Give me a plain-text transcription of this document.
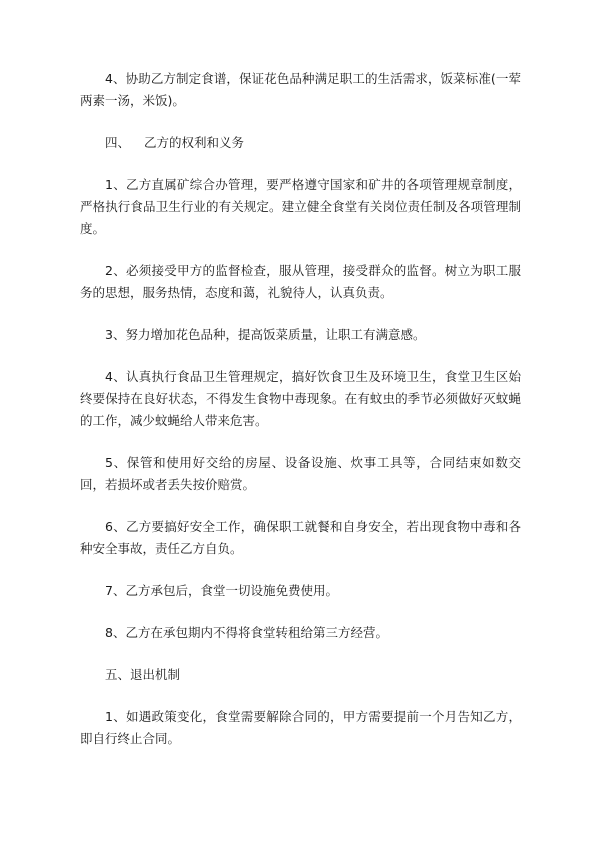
4、协助乙方制定食谱，保证花色品种满足职工的生活需求，饭菜标准(一荤两素一汤，米饭)。

四、 乙方的权利和义务

1、乙方直属矿综合办管理，要严格遵守国家和矿井的各项管理规章制度，严格执行食品卫生行业的有关规定。建立健全食堂有关岗位责任制及各项管理制度。

2、必须接受甲方的监督检查，服从管理，接受群众的监督。树立为职工服务的思想，服务热情，态度和蔼，礼貌待人，认真负责。

3、努力增加花色品种，提高饭菜质量，让职工有满意感。

4、认真执行食品卫生管理规定，搞好饮食卫生及环境卫生，食堂卫生区始终要保持在良好状态，不得发生食物中毒现象。在有蚊虫的季节必须做好灭蚊蝇的工作，减少蚊蝇给人带来危害。

5、保管和使用好交给的房屋、设备设施、炊事工具等，合同结束如数交回，若损坏或者丢失按价赔赏。

6、乙方要搞好安全工作，确保职工就餐和自身安全，若出现食物中毒和各种安全事故，责任乙方自负。

7、乙方承包后，食堂一切设施免费使用。

8、乙方在承包期内不得将食堂转租给第三方经营。

五、退出机制

1、如遇政策变化，食堂需要解除合同的，甲方需要提前一个月告知乙方，即自行终止合同。
